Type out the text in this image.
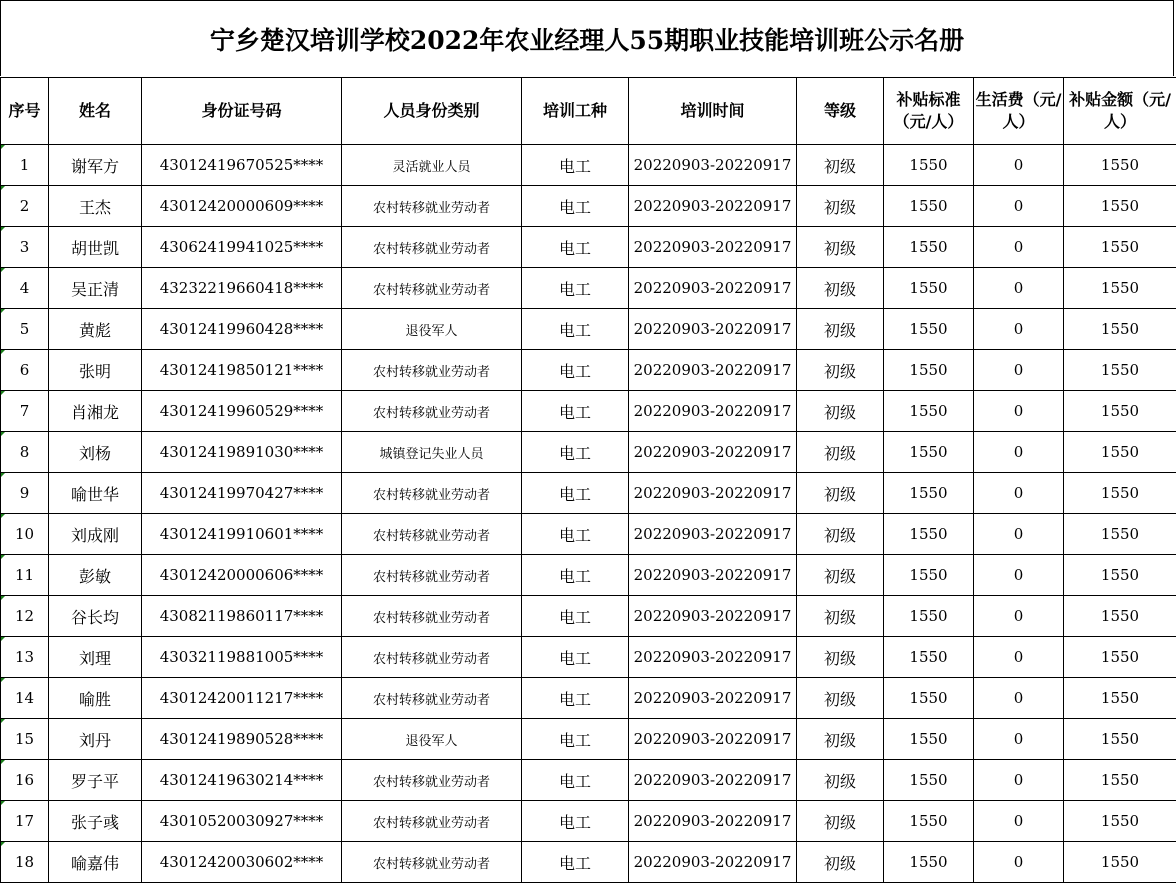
宁乡楚汉培训学校2022年农业经理人55期职业技能培训班公示名册
序号	姓名	身份证号码	人员身份类别	培训工种	培训时间	等级	补贴标准（元/人）	生活费（元/人）	补贴金额（元/人）
1	谢军方	43012419670525****	灵活就业人员	电工	20220903-20220917	初级	1550	0	1550
2	王杰	43012420000609****	农村转移就业劳动者	电工	20220903-20220917	初级	1550	0	1550
3	胡世凯	43062419941025****	农村转移就业劳动者	电工	20220903-20220917	初级	1550	0	1550
4	吴正清	43232219660418****	农村转移就业劳动者	电工	20220903-20220917	初级	1550	0	1550
5	黄彪	43012419960428****	退役军人	电工	20220903-20220917	初级	1550	0	1550
6	张明	43012419850121****	农村转移就业劳动者	电工	20220903-20220917	初级	1550	0	1550
7	肖湘龙	43012419960529****	农村转移就业劳动者	电工	20220903-20220917	初级	1550	0	1550
8	刘杨	43012419891030****	城镇登记失业人员	电工	20220903-20220917	初级	1550	0	1550
9	喻世华	43012419970427****	农村转移就业劳动者	电工	20220903-20220917	初级	1550	0	1550
10	刘成刚	43012419910601****	农村转移就业劳动者	电工	20220903-20220917	初级	1550	0	1550
11	彭敏	43012420000606****	农村转移就业劳动者	电工	20220903-20220917	初级	1550	0	1550
12	谷长均	43082119860117****	农村转移就业劳动者	电工	20220903-20220917	初级	1550	0	1550
13	刘理	43032119881005****	农村转移就业劳动者	电工	20220903-20220917	初级	1550	0	1550
14	喻胜	43012420011217****	农村转移就业劳动者	电工	20220903-20220917	初级	1550	0	1550
15	刘丹	43012419890528****	退役军人	电工	20220903-20220917	初级	1550	0	1550
16	罗子平	43012419630214****	农村转移就业劳动者	电工	20220903-20220917	初级	1550	0	1550
17	张子彧	43010520030927****	农村转移就业劳动者	电工	20220903-20220917	初级	1550	0	1550
18	喻嘉伟	43012420030602****	农村转移就业劳动者	电工	20220903-20220917	初级	1550	0	1550
